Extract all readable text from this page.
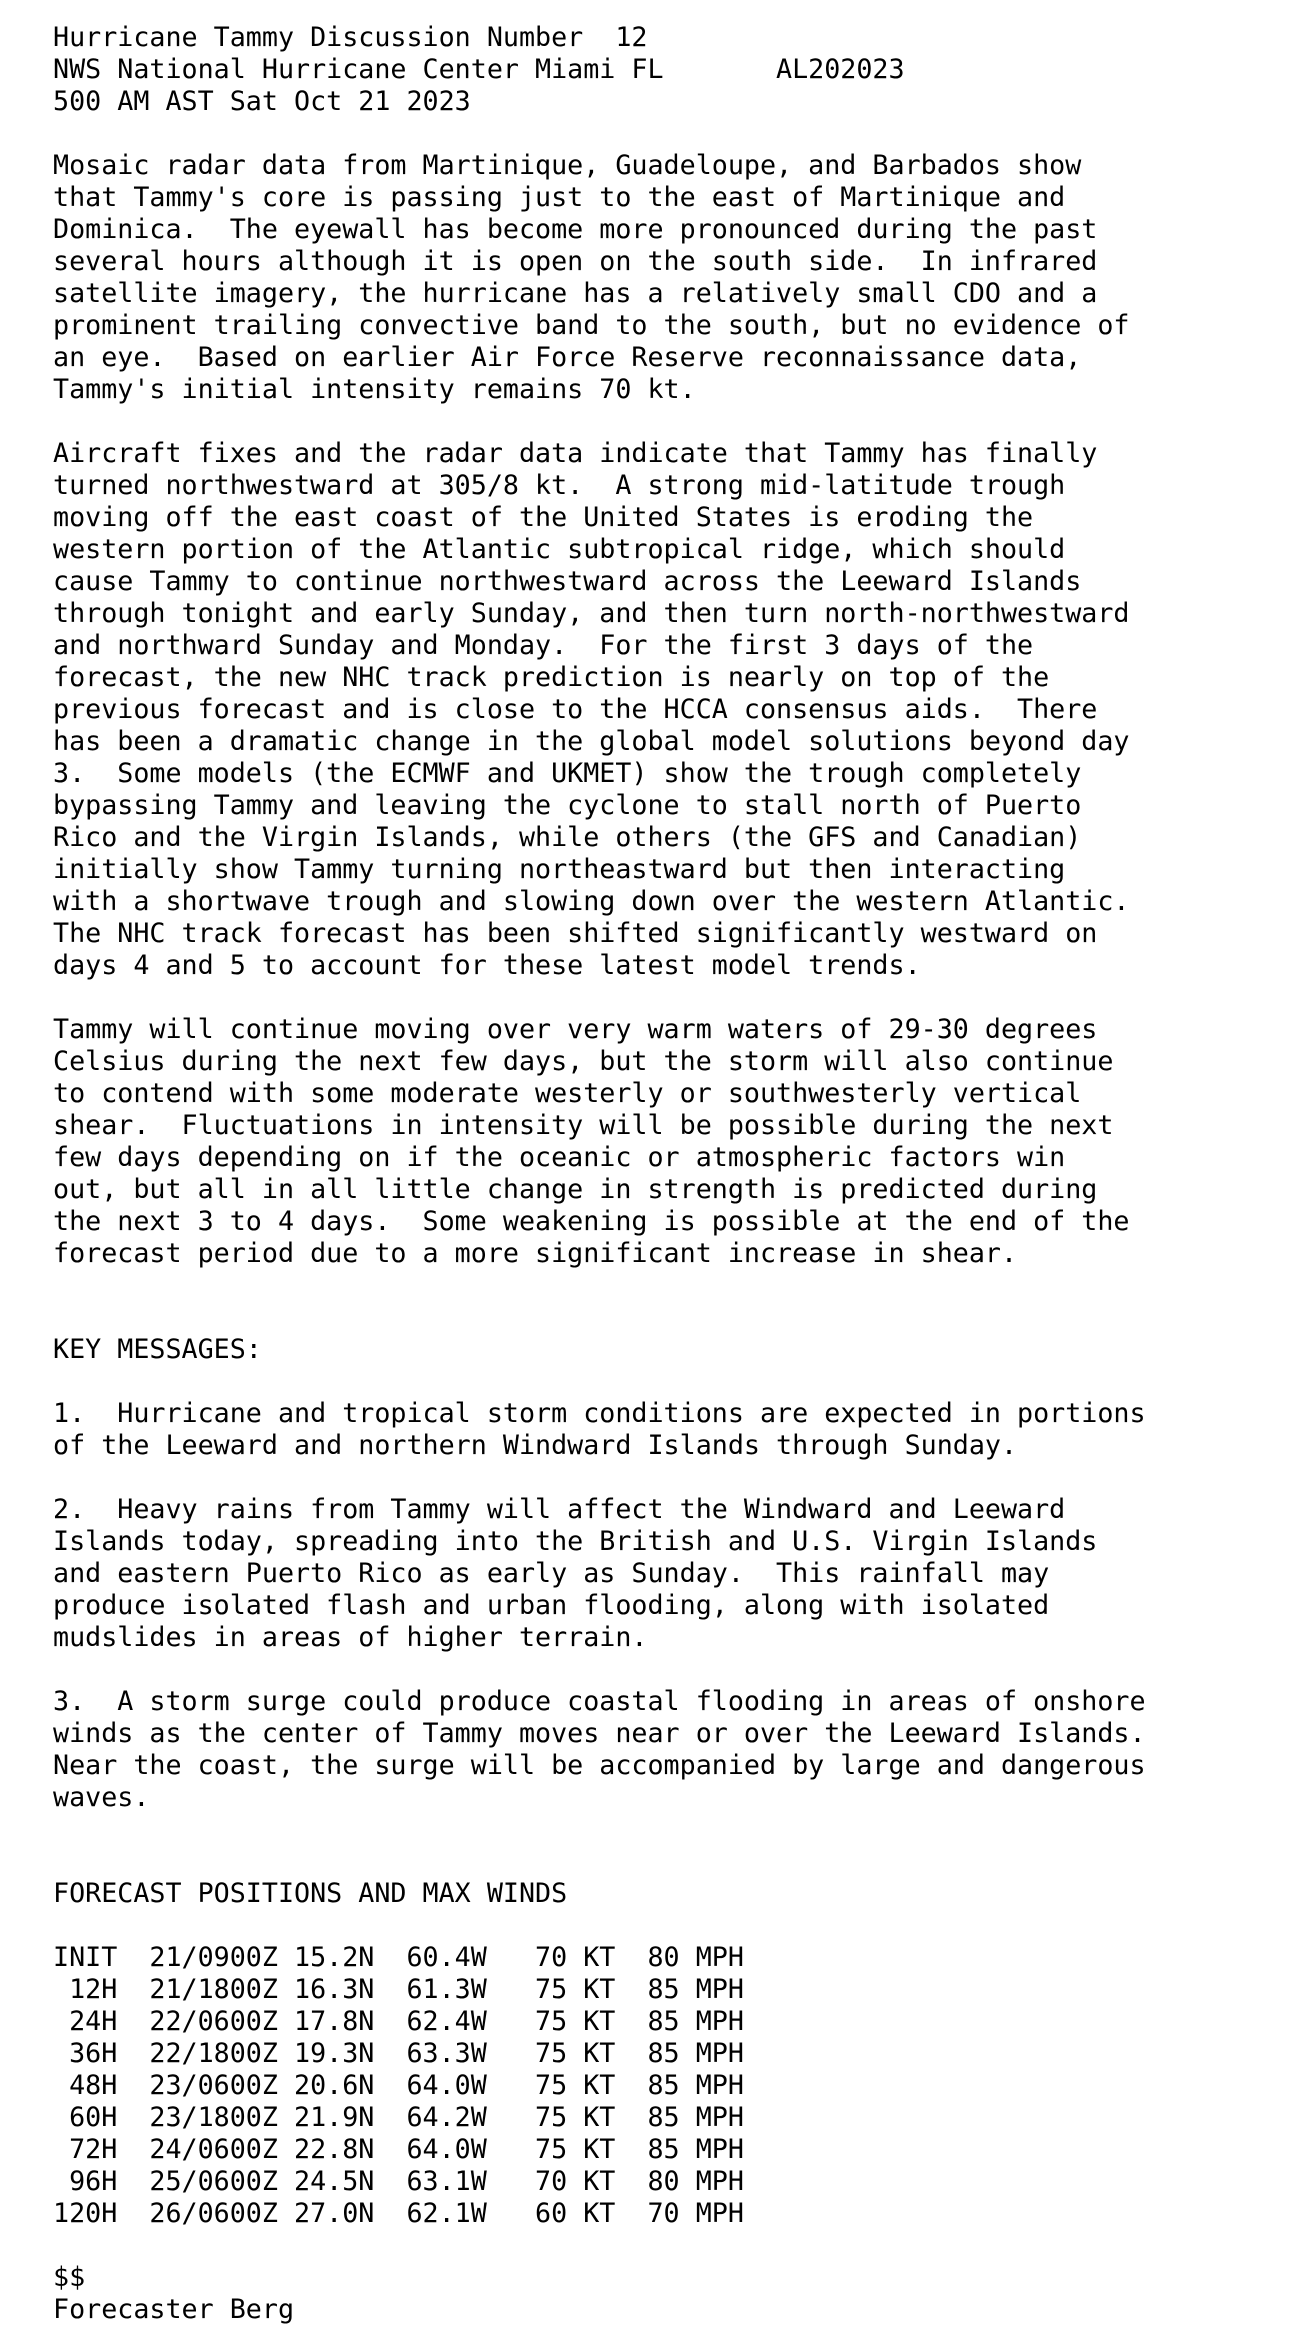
Hurricane Tammy Discussion Number  12
NWS National Hurricane Center Miami FL       AL202023
500 AM AST Sat Oct 21 2023
Mosaic radar data from Martinique, Guadeloupe, and Barbados show
that Tammy's core is passing just to the east of Martinique and
Dominica.  The eyewall has become more pronounced during the past
several hours although it is open on the south side.  In infrared
satellite imagery, the hurricane has a relatively small CDO and a
prominent trailing convective band to the south, but no evidence of
an eye.  Based on earlier Air Force Reserve reconnaissance data,
Tammy's initial intensity remains 70 kt.
Aircraft fixes and the radar data indicate that Tammy has finally
turned northwestward at 305/8 kt.  A strong mid-latitude trough
moving off the east coast of the United States is eroding the
western portion of the Atlantic subtropical ridge, which should
cause Tammy to continue northwestward across the Leeward Islands
through tonight and early Sunday, and then turn north-northwestward
and northward Sunday and Monday.  For the first 3 days of the
forecast, the new NHC track prediction is nearly on top of the
previous forecast and is close to the HCCA consensus aids.  There
has been a dramatic change in the global model solutions beyond day
3.  Some models (the ECMWF and UKMET) show the trough completely
bypassing Tammy and leaving the cyclone to stall north of Puerto
Rico and the Virgin Islands, while others (the GFS and Canadian)
initially show Tammy turning northeastward but then interacting
with a shortwave trough and slowing down over the western Atlantic.
The NHC track forecast has been shifted significantly westward on
days 4 and 5 to account for these latest model trends.
Tammy will continue moving over very warm waters of 29-30 degrees
Celsius during the next few days, but the storm will also continue
to contend with some moderate westerly or southwesterly vertical
shear.  Fluctuations in intensity will be possible during the next
few days depending on if the oceanic or atmospheric factors win
out, but all in all little change in strength is predicted during
the next 3 to 4 days.  Some weakening is possible at the end of the
forecast period due to a more significant increase in shear.
KEY MESSAGES:
1.  Hurricane and tropical storm conditions are expected in portions
of the Leeward and northern Windward Islands through Sunday.
2.  Heavy rains from Tammy will affect the Windward and Leeward
Islands today, spreading into the British and U.S. Virgin Islands
and eastern Puerto Rico as early as Sunday.  This rainfall may
produce isolated flash and urban flooding, along with isolated
mudslides in areas of higher terrain.
3.  A storm surge could produce coastal flooding in areas of onshore
winds as the center of Tammy moves near or over the Leeward Islands.
Near the coast, the surge will be accompanied by large and dangerous
waves.
FORECAST POSITIONS AND MAX WINDS
INIT  21/0900Z 15.2N  60.4W   70 KT  80 MPH
12H  21/1800Z 16.3N  61.3W   75 KT  85 MPH
24H  22/0600Z 17.8N  62.4W   75 KT  85 MPH
36H  22/1800Z 19.3N  63.3W   75 KT  85 MPH
48H  23/0600Z 20.6N  64.0W   75 KT  85 MPH
60H  23/1800Z 21.9N  64.2W   75 KT  85 MPH
72H  24/0600Z 22.8N  64.0W   75 KT  85 MPH
96H  25/0600Z 24.5N  63.1W   70 KT  80 MPH
120H  26/0600Z 27.0N  62.1W   60 KT  70 MPH
$$
Forecaster Berg
